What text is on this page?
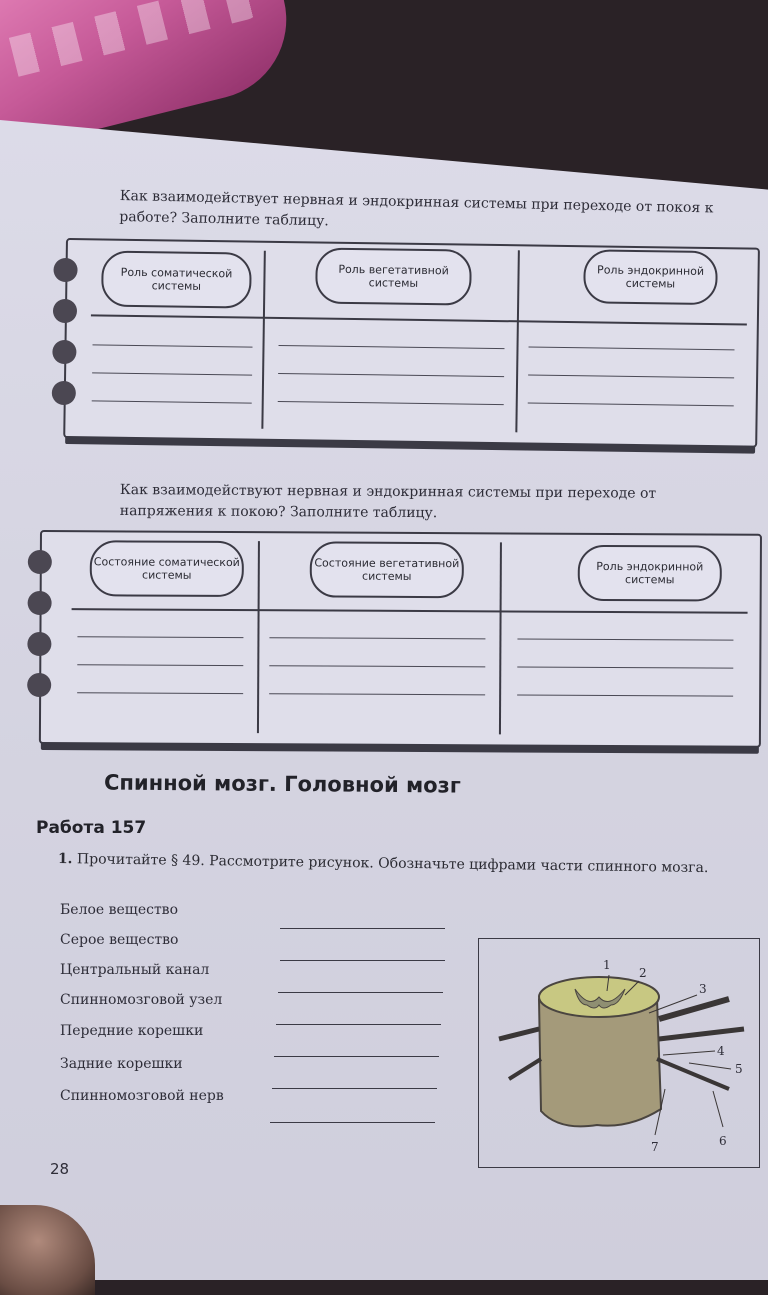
Как взаимодействует нервная и эндокринная системы при переходе от покоя к работе? Заполните таблицу.
Роль соматической системы
Роль вегетативной системы
Роль эндокринной системы
Как взаимодействуют нервная и эндокринная системы при переходе от напряжения к покою? Заполните таблицу.
Состояние соматической системы
Состояние вегетативной системы
Роль эндокринной системы
Спинной мозг. Головной мозг
Работа 157
1. Прочитайте § 49. Рассмотрите рисунок. Обозначьте цифрами части спинного мозга.
Белое вещество
Серое вещество
Центральный канал
Спинномозговой узел
Передние корешки
Задние корешки
Спинномозговой нерв
1
2
3
4
5
6
7
28
